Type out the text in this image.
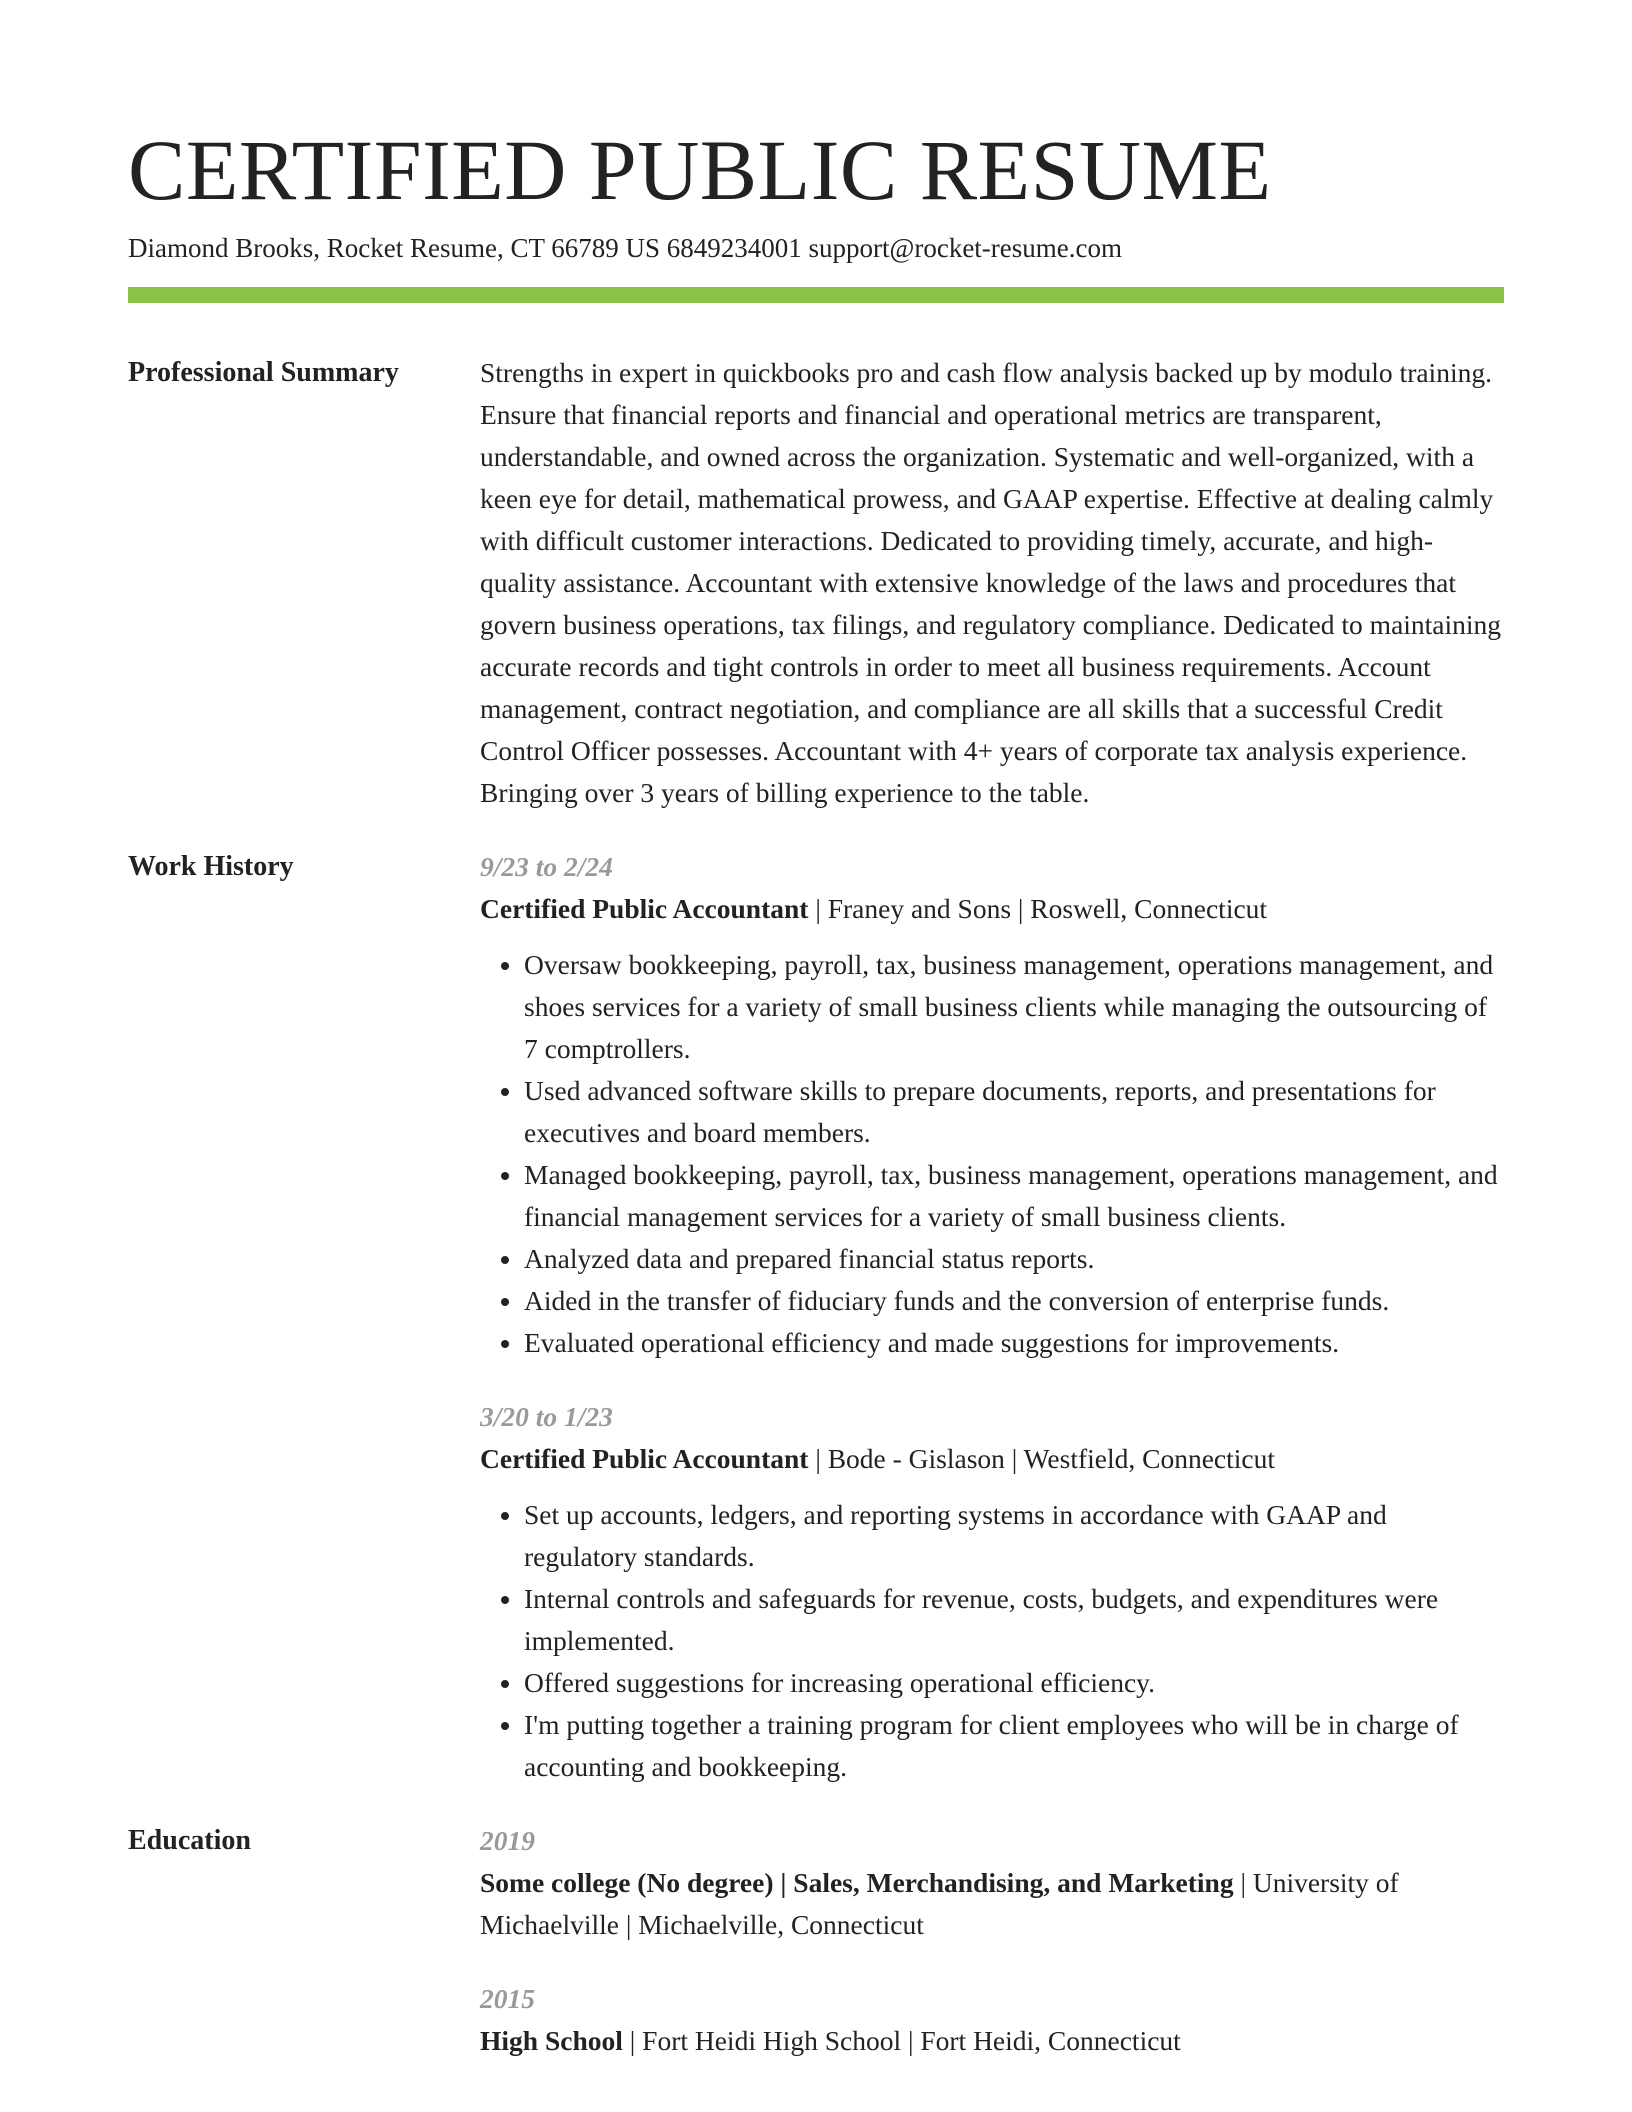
CERTIFIED PUBLIC RESUME
Diamond Brooks, Rocket Resume, CT 66789 US 6849234001 support@rocket-resume.com
Professional Summary	Strengths in expert in quickbooks pro and cash flow analysis backed up by modulo training. Ensure that financial reports and financial and operational metrics are transparent, understandable, and owned across the organization. Systematic and well-organized, with a keen eye for detail, mathematical prowess, and GAAP expertise. Effective at dealing calmly with difficult customer interactions. Dedicated to providing timely, accurate, and high-quality assistance. Accountant with extensive knowledge of the laws and procedures that govern business operations, tax filings, and regulatory compliance. Dedicated to maintaining accurate records and tight controls in order to meet all business requirements. Account management, contract negotiation, and compliance are all skills that a successful Credit Control Officer possesses. Accountant with 4+ years of corporate tax analysis experience. Bringing over 3 years of billing experience to the table.

Work History	9/23 to 2/24
Certified Public Accountant | Franey and Sons | Roswell, Connecticut
• Oversaw bookkeeping, payroll, tax, business management, operations management, and shoes services for a variety of small business clients while managing the outsourcing of 7 comptrollers.
• Used advanced software skills to prepare documents, reports, and presentations for executives and board members.
• Managed bookkeeping, payroll, tax, business management, operations management, and financial management services for a variety of small business clients.
• Analyzed data and prepared financial status reports.
• Aided in the transfer of fiduciary funds and the conversion of enterprise funds.
• Evaluated operational efficiency and made suggestions for improvements.
3/20 to 1/23
Certified Public Accountant | Bode - Gislason | Westfield, Connecticut
• Set up accounts, ledgers, and reporting systems in accordance with GAAP and regulatory standards.
• Internal controls and safeguards for revenue, costs, budgets, and expenditures were implemented.
• Offered suggestions for increasing operational efficiency.
• I'm putting together a training program for client employees who will be in charge of accounting and bookkeeping.
Education	2019
Some college (No degree) | Sales, Merchandising, and Marketing | University of Michaelville | Michaelville, Connecticut
2015
High School | Fort Heidi High School | Fort Heidi, Connecticut
